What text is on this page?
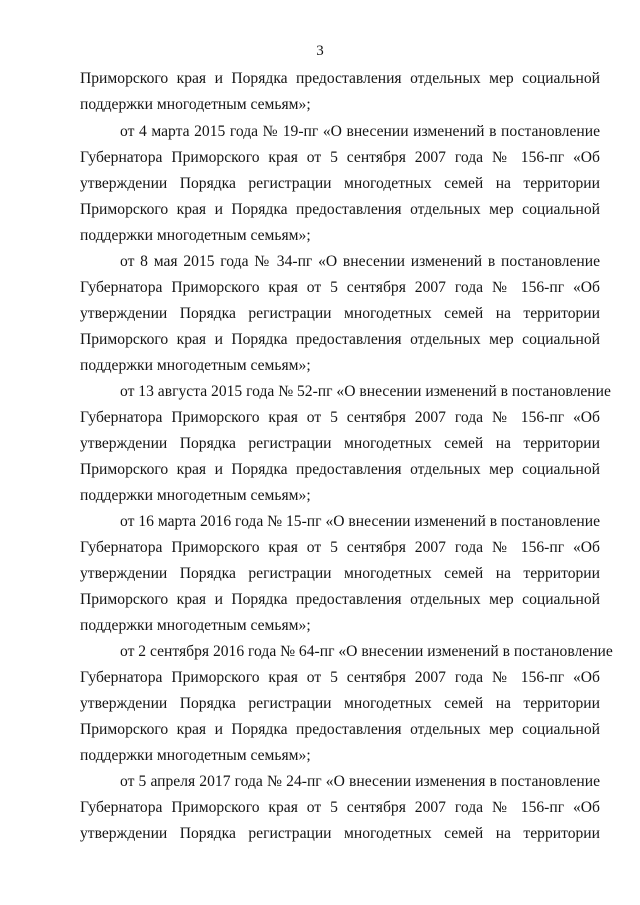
3
Приморского края и Порядка предоставления отдельных мер социальной
поддержки многодетным семьям»;
от 4 марта 2015 года № 19-пг «О внесении изменений в постановление
Губернатора Приморского края от 5 сентября 2007 года № 156-пг «Об
утверждении Порядка регистрации многодетных семей на территории
Приморского края и Порядка предоставления отдельных мер социальной
поддержки многодетным семьям»;
от 8 мая 2015 года № 34-пг «О внесении изменений в постановление
Губернатора Приморского края от 5 сентября 2007 года № 156-пг «Об
утверждении Порядка регистрации многодетных семей на территории
Приморского края и Порядка предоставления отдельных мер социальной
поддержки многодетным семьям»;
от 13 августа 2015 года № 52-пг «О внесении изменений в постановление
Губернатора Приморского края от 5 сентября 2007 года № 156-пг «Об
утверждении Порядка регистрации многодетных семей на территории
Приморского края и Порядка предоставления отдельных мер социальной
поддержки многодетным семьям»;
от 16 марта 2016 года № 15-пг «О внесении изменений в постановление
Губернатора Приморского края от 5 сентября 2007 года № 156-пг «Об
утверждении Порядка регистрации многодетных семей на территории
Приморского края и Порядка предоставления отдельных мер социальной
поддержки многодетным семьям»;
от 2 сентября 2016 года № 64-пг «О внесении изменений в постановление
Губернатора Приморского края от 5 сентября 2007 года № 156-пг «Об
утверждении Порядка регистрации многодетных семей на территории
Приморского края и Порядка предоставления отдельных мер социальной
поддержки многодетным семьям»;
от 5 апреля 2017 года № 24-пг «О внесении изменения в постановление
Губернатора Приморского края от 5 сентября 2007 года № 156-пг «Об
утверждении Порядка регистрации многодетных семей на территории
